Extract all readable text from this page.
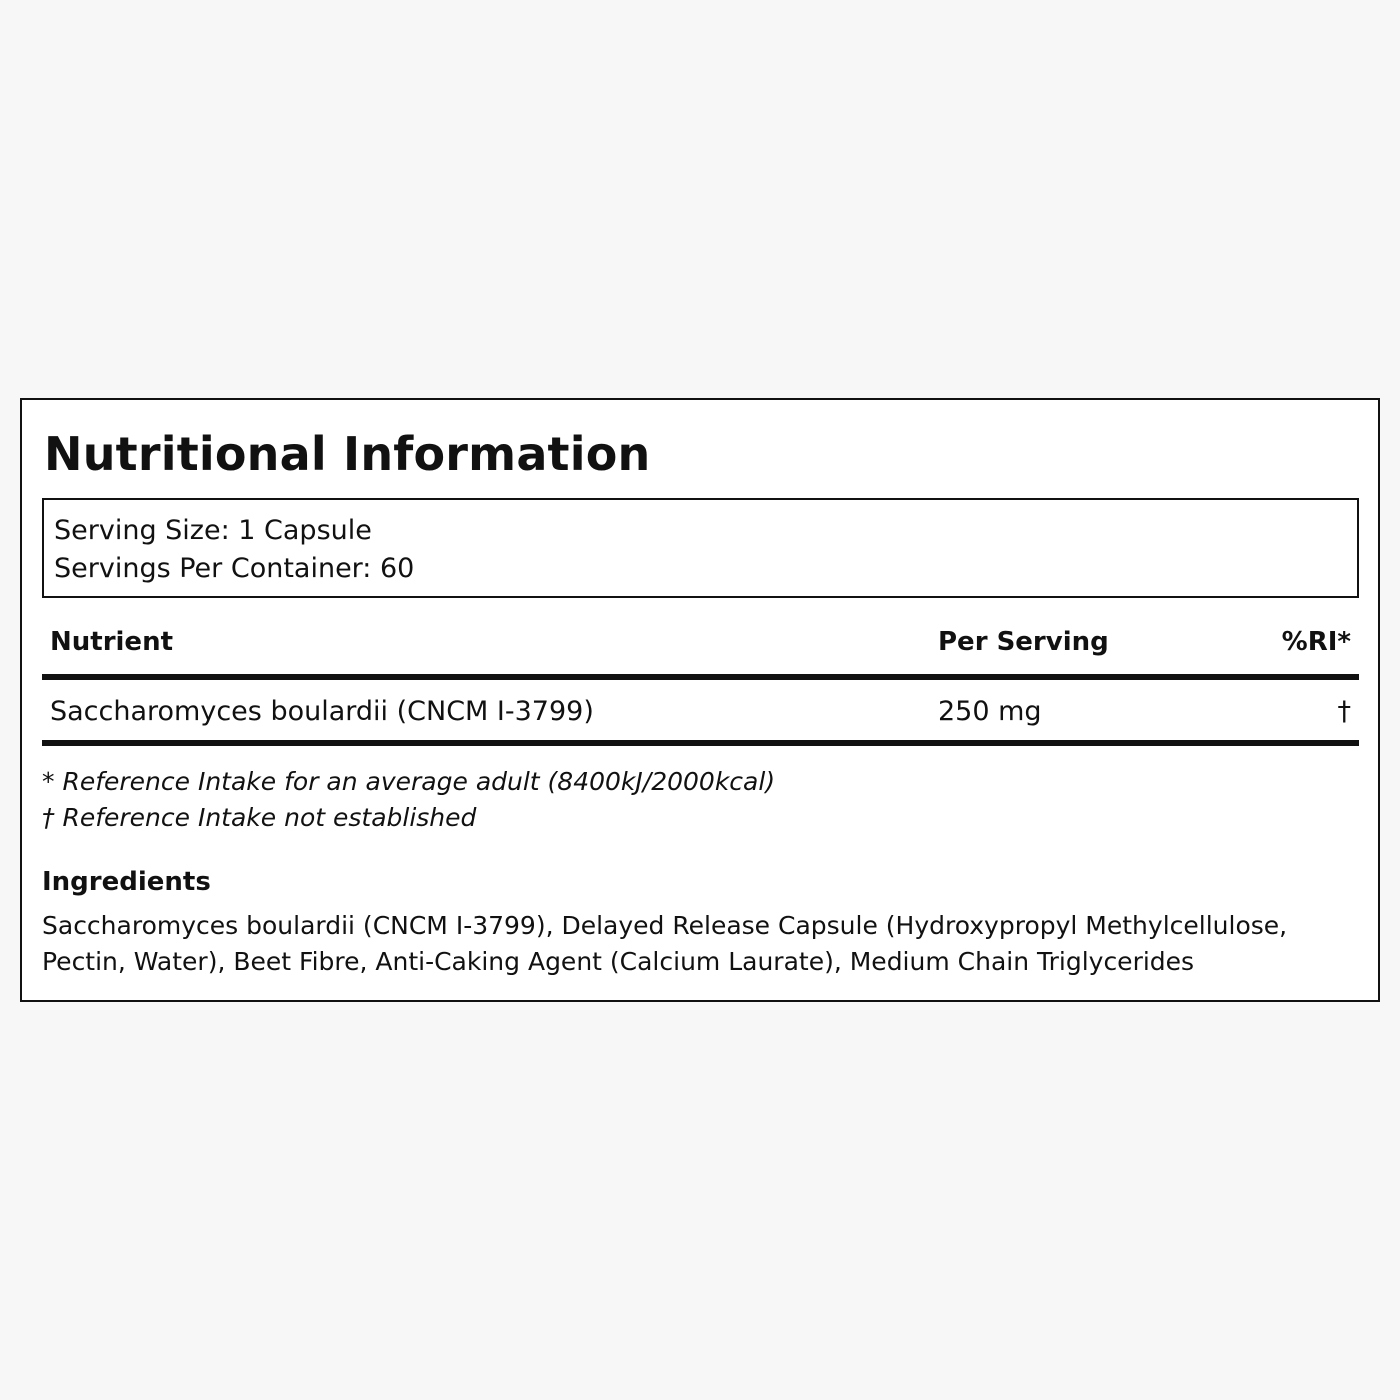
Nutritional Information
Serving Size: 1 Capsule
Servings Per Container: 60
Nutrient	Per Serving	%RI*
Saccharomyces boulardii (CNCM I-3799)	250 mg	†
* Reference Intake for an average adult (8400kJ/2000kcal)
† Reference Intake not established
Ingredients

Saccharomyces boulardii (CNCM I-3799), Delayed Release Capsule (Hydroxypropyl Methylcellulose, Pectin, Water), Beet Fibre, Anti-Caking Agent (Calcium Laurate), Medium Chain Triglycerides
